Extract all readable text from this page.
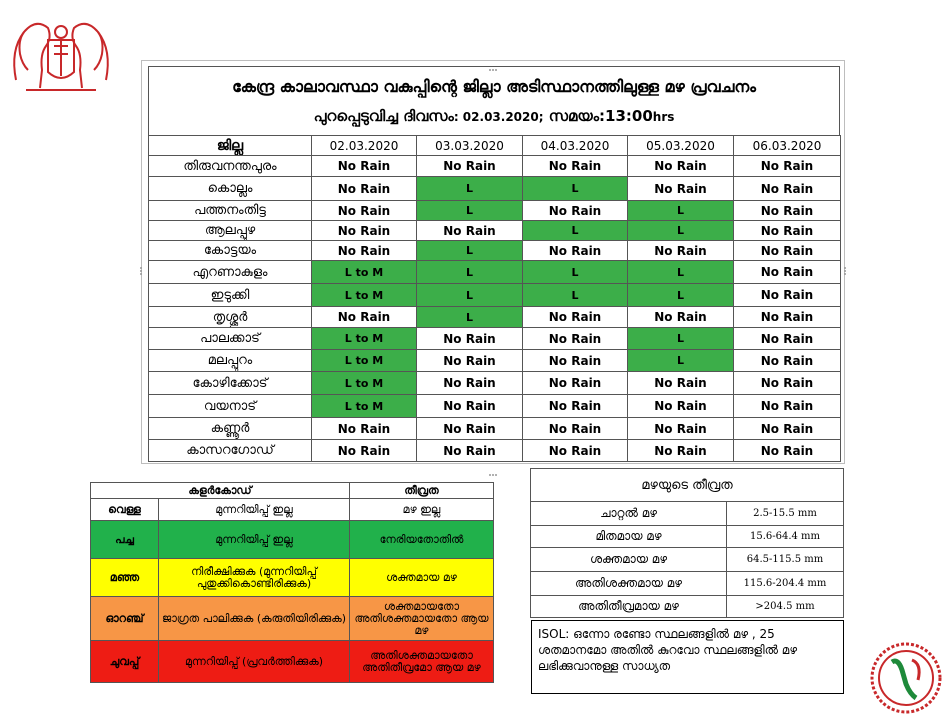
കേന്ദ്ര കാലാവസ്ഥാ വകുപ്പിന്റെ ജില്ലാ അടിസ്ഥാനത്തിലുള്ള മഴ പ്രവചനം
പുറപ്പെടുവിച്ച ദിവസം: 02.03.2020; സമയം:13:00hrs
ജില്ല	02.03.2020	03.03.2020	04.03.2020	05.03.2020	06.03.2020
തിരുവനന്തപുരം	No Rain	No Rain	No Rain	No Rain	No Rain
കൊല്ലം	No Rain	L	L	No Rain	No Rain
പത്തനംതിട്ട	No Rain	L	No Rain	L	No Rain
ആലപ്പുഴ	No Rain	No Rain	L	L	No Rain
കോട്ടയം	No Rain	L	No Rain	No Rain	No Rain
എറണാകുളം	L to M	L	L	L	No Rain
ഇടുക്കി	L to M	L	L	L	No Rain
തൃശ്ശൂർ	No Rain	L	No Rain	No Rain	No Rain
പാലക്കാട്	L to M	No Rain	No Rain	L	No Rain
മലപ്പുറം	L to M	No Rain	No Rain	L	No Rain
കോഴിക്കോട്	L to M	No Rain	No Rain	No Rain	No Rain
വയനാട്	L to M	No Rain	No Rain	No Rain	No Rain
കണ്ണൂർ	No Rain	No Rain	No Rain	No Rain	No Rain
കാസറഗോഡ്	No Rain	No Rain	No Rain	No Rain	No Rain
കളർകോഡ്		തീവ്രത
വെള്ള	മുന്നറിയിപ്പ് ഇല്ല	മഴ ഇല്ല
പച്ച	മുന്നറിയിപ്പ് ഇല്ല	നേരിയതോതിൽ
മഞ്ഞ	നിരീക്ഷിക്കുക (മുന്നറിയിപ്പ് പുതുക്കികൊണ്ടിരിക്കുക)	ശക്തമായ മഴ
ഓറഞ്ച്	ജാഗ്രത പാലിക്കുക (കരുതിയിരിക്കുക)	ശക്തമായതോ അതിശക്തമായതോ ആയ മഴ
ചുവപ്പ്	മുന്നറിയിപ്പ് (പ്രവർത്തിക്കുക)	അതിശക്തമായതോ അതിതീവ്രമോ ആയ മഴ
മഴയുടെ തീവ്രത	
ചാറ്റൽ മഴ	2.5-15.5 mm
മിതമായ മഴ	15.6-64.4 mm
ശക്തമായ മഴ	64.5-115.5 mm
അതിശക്തമായ മഴ	115.6-204.4 mm
അതിതീവ്രമായ മഴ	>204.5 mm
ISOL: ഒന്നോ രണ്ടോ സ്ഥലങ്ങളിൽ മഴ , 25 ശതമാനമോ അതിൽ കുറവോ സ്ഥലങ്ങളിൽ മഴ ലഭിക്കുവാനുള്ള സാധ്യത
